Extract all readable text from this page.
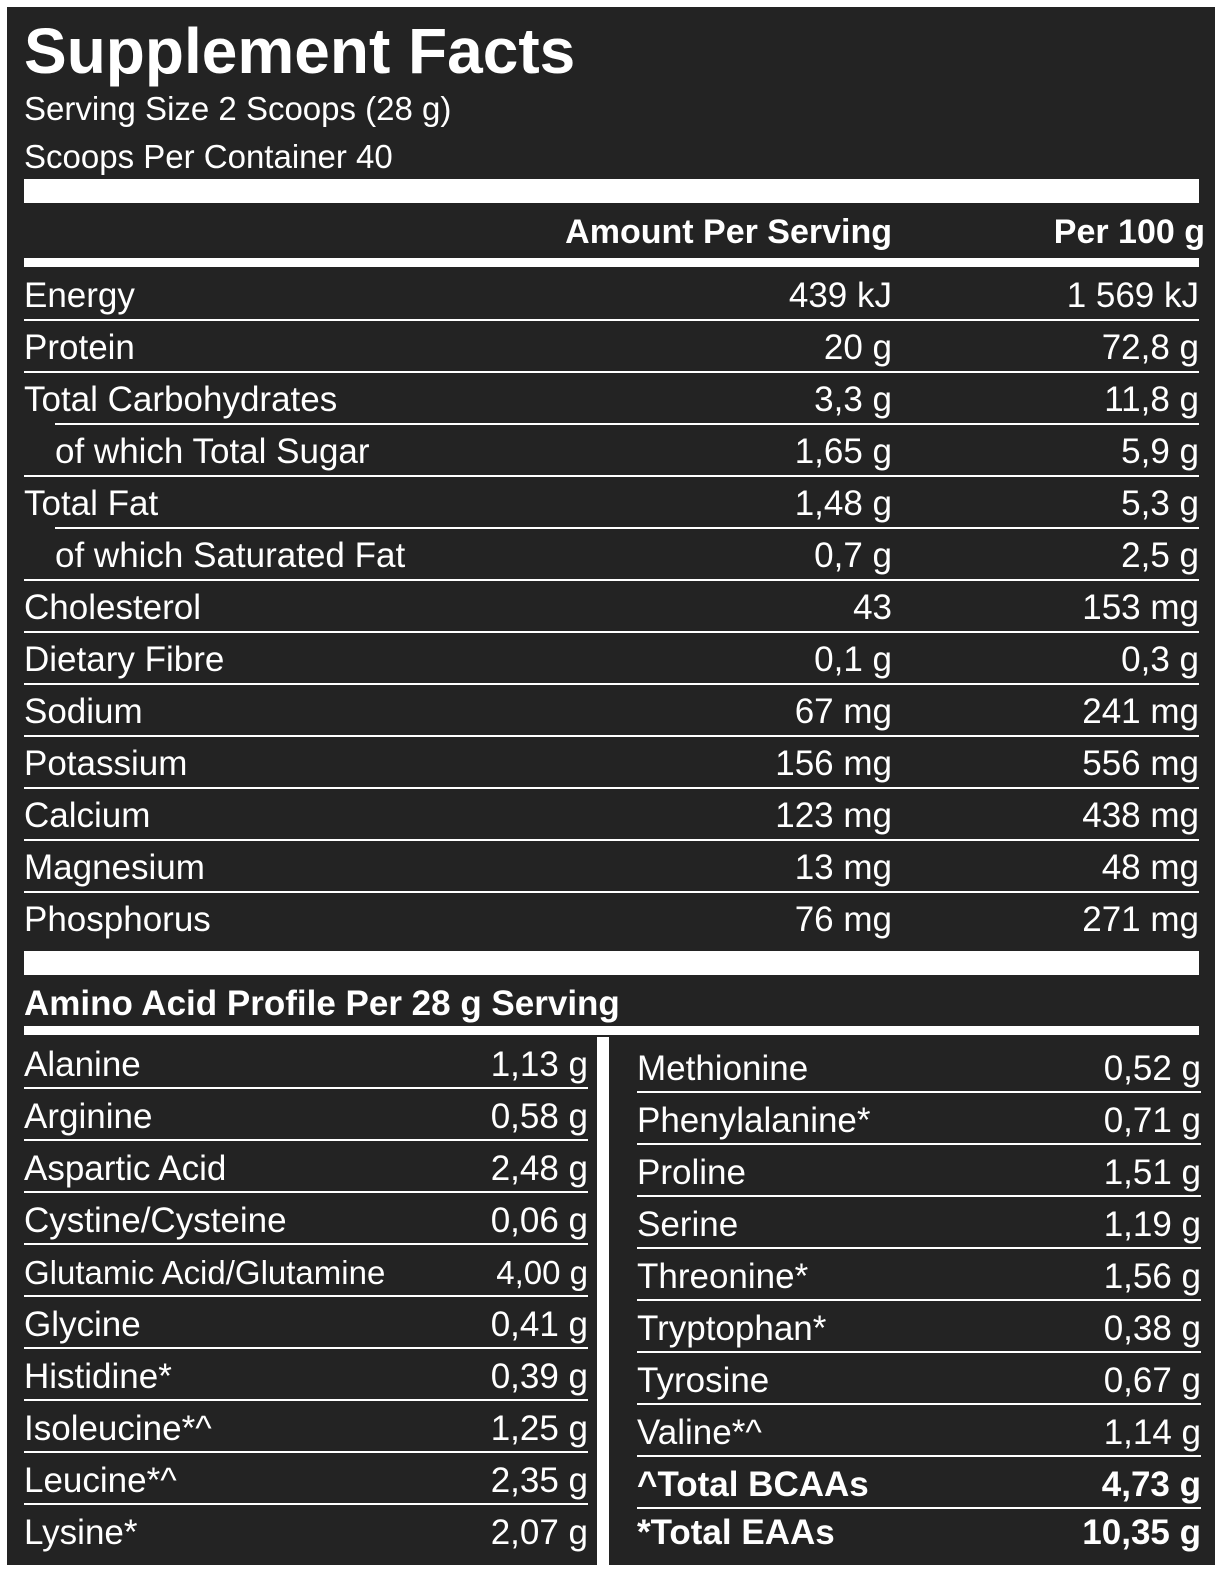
Supplement Facts
Serving Size 2 Scoops (28 g)
Scoops Per Container 40
Amount Per Serving	Per 100 g
Energy	439 kJ	1 569 kJ
Protein	20 g	72,8 g
Total Carbohydrates	3,3 g	11,8 g
of which Total Sugar	1,65 g	5,9 g
Total Fat	1,48 g	5,3 g
of which Saturated Fat	0,7 g	2,5 g
Cholesterol	43	153 mg
Dietary Fibre	0,1 g	0,3 g
Sodium	67 mg	241 mg
Potassium	156 mg	556 mg
Calcium	123 mg	438 mg
Magnesium	13 mg	48 mg
Phosphorus	76 mg	271 mg
Amino Acid Profile Per 28 g Serving
Alanine	1,13 g
Arginine	0,58 g
Aspartic Acid	2,48 g
Cystine/Cysteine	0,06 g
Glutamic Acid/Glutamine	4,00 g
Glycine	0,41 g
Histidine*	0,39 g
Isoleucine*^	1,25 g
Leucine*^	2,35 g
Lysine*	2,07 g
Methionine	0,52 g
Phenylalanine*	0,71 g
Proline	1,51 g
Serine	1,19 g
Threonine*	1,56 g
Tryptophan*	0,38 g
Tyrosine	0,67 g
Valine*^	1,14 g
^Total BCAAs	4,73 g
*Total EAAs	10,35 g
